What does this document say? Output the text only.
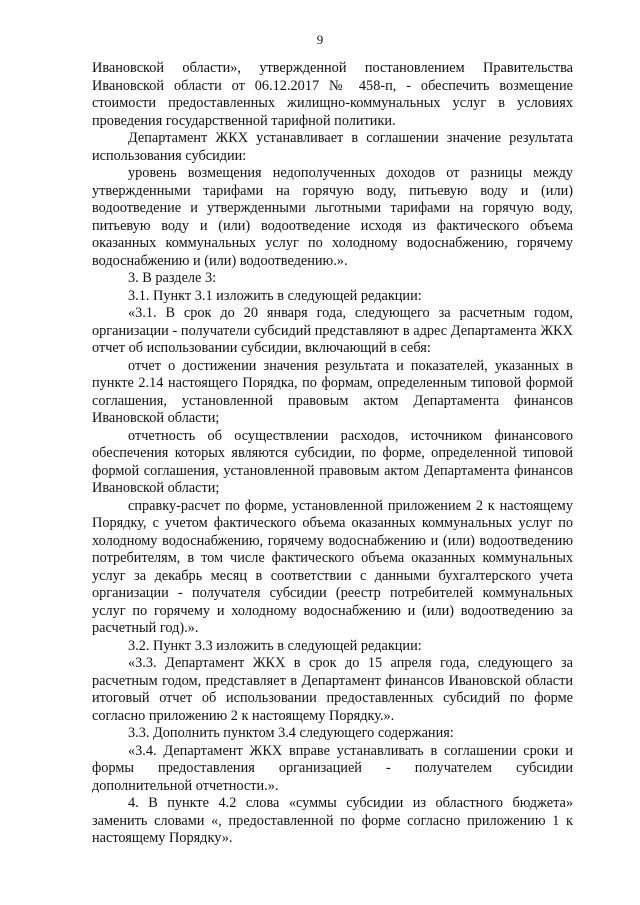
9

Ивановской области», утвержденной постановлением Правительства Ивановской области от 06.12.2017 № 458-п, - обеспечить возмещение стоимости предоставленных жилищно-коммунальных услуг в условиях проведения государственной тарифной политики.

Департамент ЖКХ устанавливает в соглашении значение результата использования субсидии:

уровень возмещения недополученных доходов от разницы между утвержденными тарифами на горячую воду, питьевую воду и (или) водоотведение и утвержденными льготными тарифами на горячую воду, питьевую воду и (или) водоотведение исходя из фактического объема оказанных коммунальных услуг по холодному водоснабжению, горячему водоснабжению и (или) водоотведению.».

3. В разделе 3:

3.1. Пункт 3.1 изложить в следующей редакции:

«3.1. В срок до 20 января года, следующего за расчетным годом, организации - получатели субсидий представляют в адрес Департамента ЖКХ отчет об использовании субсидии, включающий в себя:

отчет о достижении значения результата и показателей, указанных в пункте 2.14 настоящего Порядка, по формам, определенным типовой формой соглашения, установленной правовым актом Департамента финансов Ивановской области;

отчетность об осуществлении расходов, источником финансового обеспечения которых являются субсидии, по форме, определенной типовой формой соглашения, установленной правовым актом Департамента финансов Ивановской области;

справку-расчет по форме, установленной приложением 2 к настоящему Порядку, с учетом фактического объема оказанных коммунальных услуг по холодному водоснабжению, горячему водоснабжению и (или) водоотведению потребителям, в том числе фактического объема оказанных коммунальных услуг за декабрь месяц в соответствии с данными бухгалтерского учета организации - получателя субсидии (реестр потребителей коммунальных услуг по горячему и холодному водоснабжению и (или) водоотведению за расчетный год).».

3.2. Пункт 3.3 изложить в следующей редакции:

«3.3. Департамент ЖКХ в срок до 15 апреля года, следующего за расчетным годом, представляет в Департамент финансов Ивановской области итоговый отчет об использовании предоставленных субсидий по форме согласно приложению 2 к настоящему Порядку.».

3.3. Дополнить пунктом 3.4 следующего содержания:

«3.4. Департамент ЖКХ вправе устанавливать в соглашении сроки и формы предоставления организацией - получателем субсидии дополнительной отчетности.».

4. В пункте 4.2 слова «суммы субсидии из областного бюджета» заменить словами «, предоставленной по форме согласно приложению 1 к настоящему Порядку».
